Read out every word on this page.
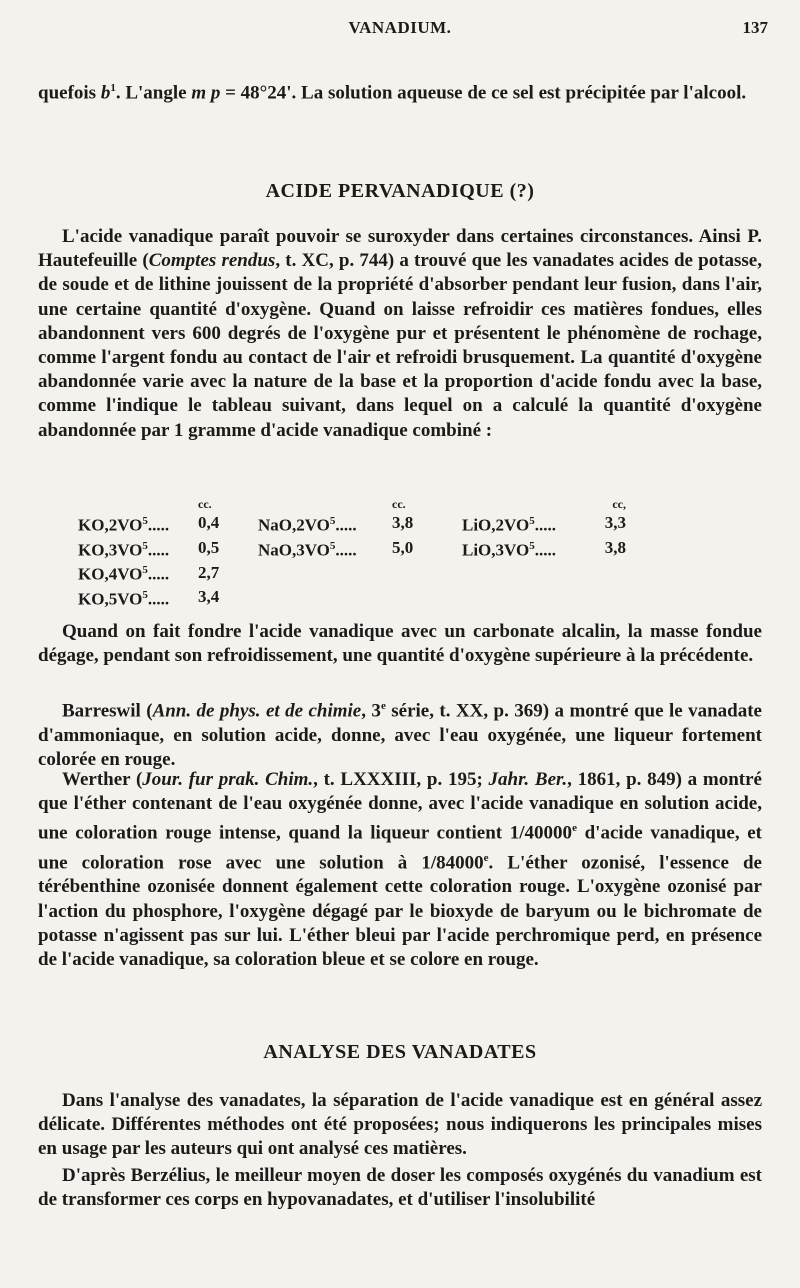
VANADIUM.	137

quefois $b^1$. L'angle m p = 48°24'. La solution aqueuse de ce sel est précipitée par l'alcool.

ACIDE PERVANADIQUE (?)

L'acide vanadique paraît pouvoir se suroxyder dans certaines circonstances. Ainsi P. Hautefeuille (Comptes rendus, t. XC, p. 744) a trouvé que les vanadates acides de potasse, de soude et de lithine jouissent de la propriété d'absorber pendant leur fusion, dans l'air, une certaine quantité d'oxygène. Quand on laisse refroidir ces matières fondues, elles abandonnent vers 600 degrés de l'oxygène pur et présentent le phénomène de rochage, comme l'argent fondu au contact de l'air et refroidi brusquement. La quantité d'oxygène abandonnée varie avec la nature de la base et la proportion d'acide fondu avec la base, comme l'indique le tableau suivant, dans lequel on a calculé la quantité d'oxygène abandonnée par 1 gramme d'acide vanadique combiné :

	cc.		cc.		cc,
$KO,2VO^5$.....	0,4	$NaO,2VO^5$.....	3,8	$LiO,2VO^5$.....	3,3
$KO,3VO^5$.....	0,5	$NaO,3VO^5$.....	5,0	$LiO,3VO^5$.....	3,8
$KO,4VO^5$.....	2,7				
$KO,5VO^5$.....	3,4				

Quand on fait fondre l'acide vanadique avec un carbonate alcalin, la masse fondue dégage, pendant son refroidissement, une quantité d'oxygène supérieure à la précédente.

Barreswil (Ann. de phys. et de chimie, 3e série, t. XX, p. 369) a montré que le vanadate d'ammoniaque, en solution acide, donne, avec l'eau oxygénée, une liqueur fortement colorée en rouge.

Werther (Jour. fur prak. Chim., t. LXXXIII, p. 195; Jahr. Ber., 1861, p. 849) a montré que l'éther contenant de l'eau oxygénée donne, avec l'acide vanadique en solution acide, une coloration rouge intense, quand la liqueur contient 1/40000e d'acide vanadique, et une coloration rose avec une solution à 1/84000e. L'éther ozonisé, l'essence de térébenthine ozonisée donnent également cette coloration rouge. L'oxygène ozonisé par l'action du phosphore, l'oxygène dégagé par le bioxyde de baryum ou le bichromate de potasse n'agissent pas sur lui. L'éther bleui par l'acide perchromique perd, en présence de l'acide vanadique, sa coloration bleue et se colore en rouge.

ANALYSE DES VANADATES

Dans l'analyse des vanadates, la séparation de l'acide vanadique est en général assez délicate. Différentes méthodes ont été proposées; nous indiquerons les principales mises en usage par les auteurs qui ont analysé ces matières.

D'après Berzélius, le meilleur moyen de doser les composés oxygénés du vanadium est de transformer ces corps en hypovanadates, et d'utiliser l'insolubilité
